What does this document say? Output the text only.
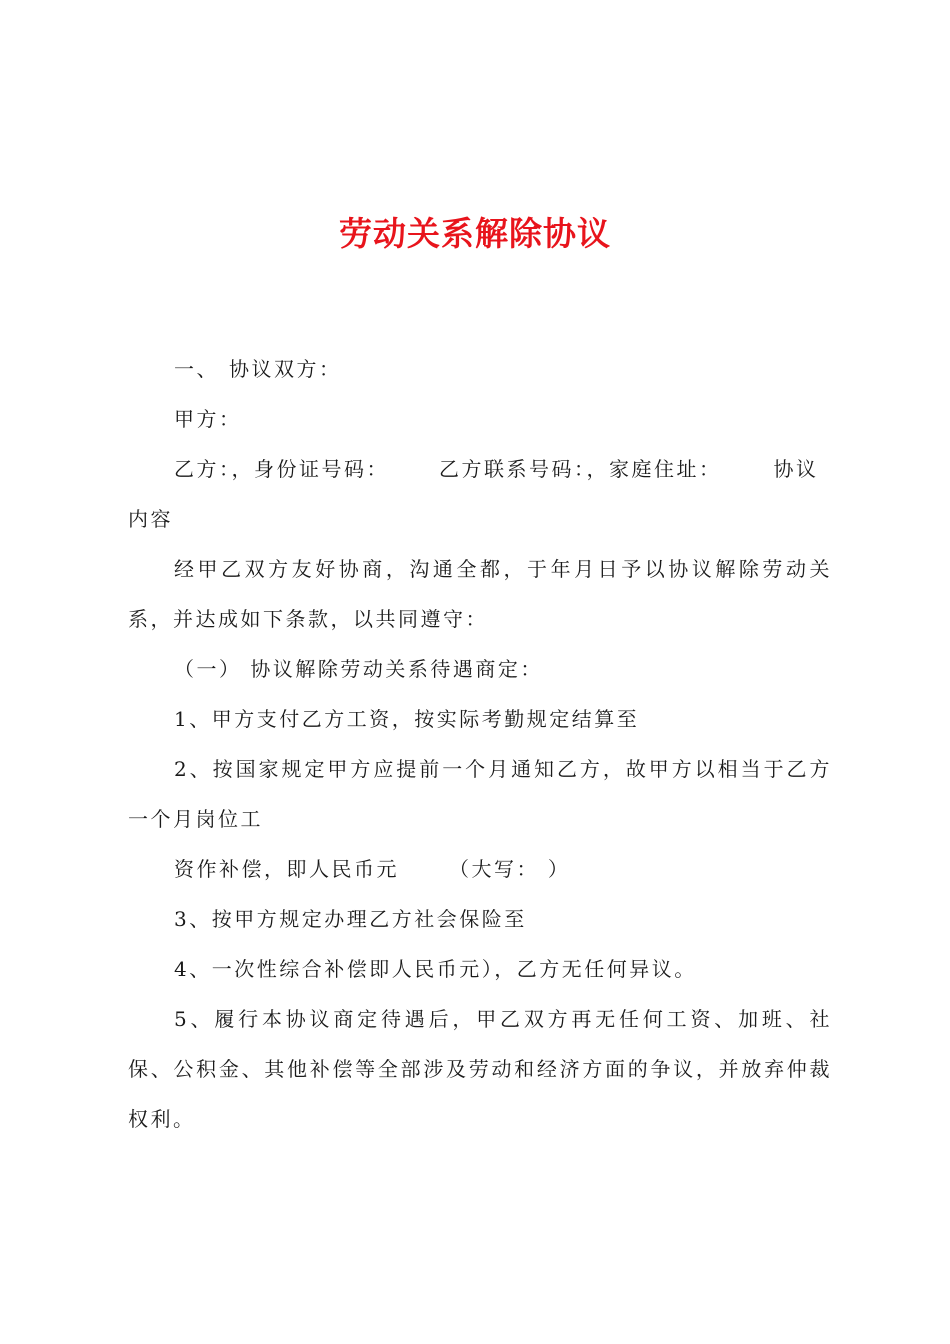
劳动关系解除协议

一、 协议双方：

甲方：

乙方：，身份证号码：	乙方联系号码：，家庭住址：	协议
内容

经甲乙双方友好协商，沟通全都，于年月日予以协议解除劳动关系，并达成如下条款，以共同遵守：

（一） 协议解除劳动关系待遇商定：

1、甲方支付乙方工资，按实际考勤规定结算至

2、按国家规定甲方应提前一个月通知乙方，故甲方以相当于乙方一个月岗位工

资作补偿，即人民币元	（大写： ）

3、按甲方规定办理乙方社会保险至

4、一次性综合补偿即人民币元），乙方无任何异议。

5、履行本协议商定待遇后，甲乙双方再无任何工资、加班、社保、公积金、其他补偿等全部涉及劳动和经济方面的争议，并放弃仲裁权利。
